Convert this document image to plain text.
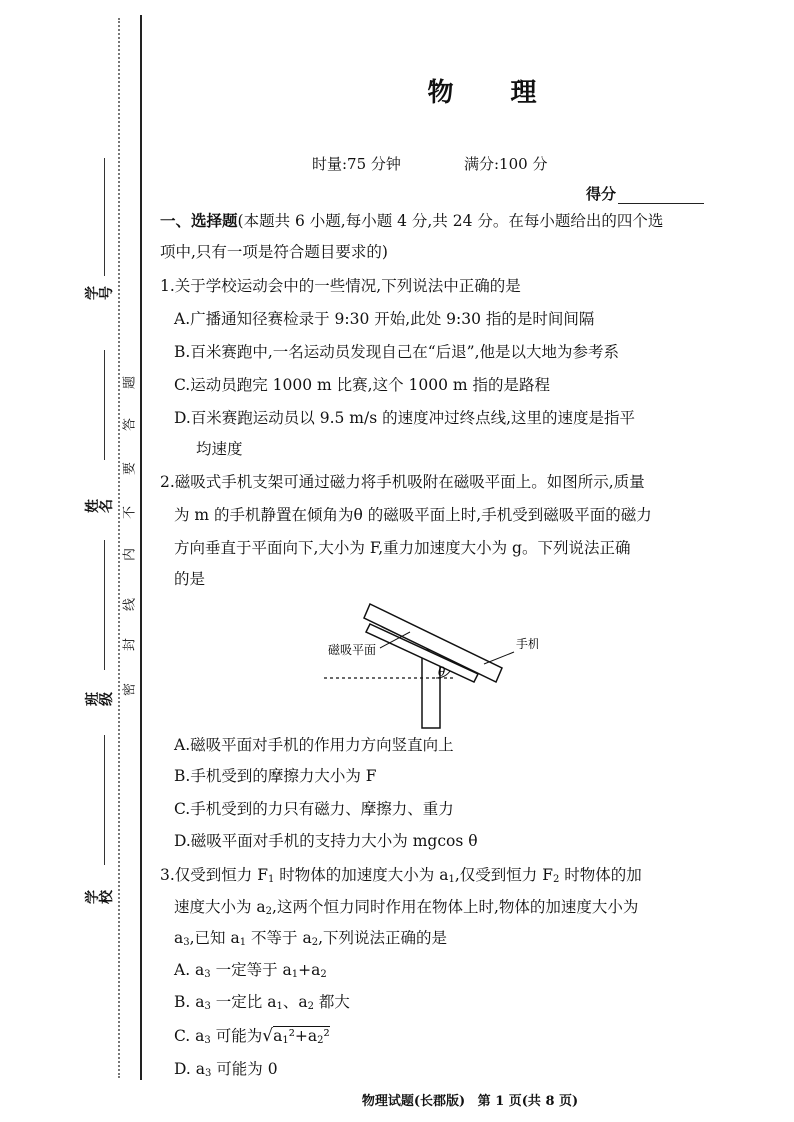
学 号
姓 名
班 级
学 校
密
封
线
内
不
要
答
题
物 理
时量:75 分钟	满分:100 分
得分
一、选择题(本题共 6 小题,每小题 4 分,共 24 分。在每小题给出的四个选
项中,只有一项是符合题目要求的)
1.关于学校运动会中的一些情况,下列说法中正确的是
A.广播通知径赛检录于 9:30 开始,此处 9:30 指的是时间间隔
B.百米赛跑中,一名运动员发现自己在“后退”,他是以大地为参考系
C.运动员跑完 1000 m 比赛,这个 1000 m 指的是路程
D.百米赛跑运动员以 9.5 m/s 的速度冲过终点线,这里的速度是指平
均速度
2.磁吸式手机支架可通过磁力将手机吸附在磁吸平面上。如图所示,质量
为 m 的手机静置在倾角为θ 的磁吸平面上时,手机受到磁吸平面的磁力
方向垂直于平面向下,大小为 F,重力加速度大小为 g。下列说法正确
的是
磁吸平面	手机
θ
A.磁吸平面对手机的作用力方向竖直向上
B.手机受到的摩擦力大小为 F
C.手机受到的力只有磁力、摩擦力、重力
D.磁吸平面对手机的支持力大小为 mgcos θ
3.仅受到恒力 $F_1$ 时物体的加速度大小为 $a_1$,仅受到恒力 $F_2$ 时物体的加
速度大小为 $a_2$,这两个恒力同时作用在物体上时,物体的加速度大小为
$a_3$,已知 $a_1$ 不等于 $a_2$,下列说法正确的是
A. $a_3$ 一定等于 $a_1+a_2$
B. $a_3$ 一定比 $a_1$、$a_2$ 都大
C. $a_3$ 可能为$√a_1^2+a_2^2$
D. $a_3$ 可能为 0
物理试题(长郡版) 第 1 页(共 8 页)
